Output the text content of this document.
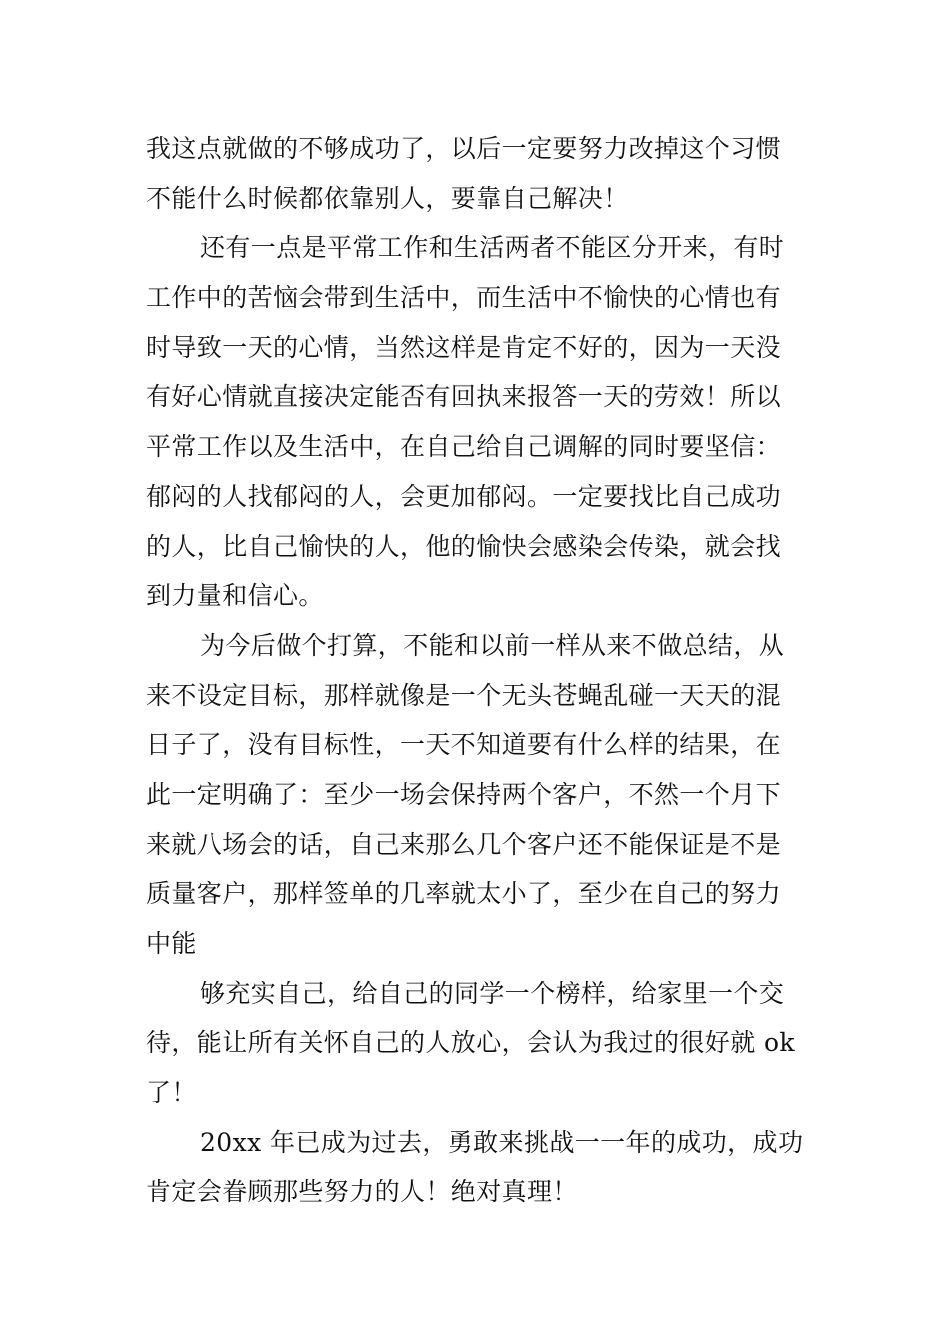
我这点就做的不够成功了，以后一定要努力改掉这个习惯
不能什么时候都依靠别人，要靠自己解决！
还有一点是平常工作和生活两者不能区分开来，有时
工作中的苦恼会带到生活中，而生活中不愉快的心情也有
时导致一天的心情，当然这样是肯定不好的，因为一天没
有好心情就直接决定能否有回执来报答一天的劳效！所以
平常工作以及生活中，在自己给自己调解的同时要坚信：
郁闷的人找郁闷的人，会更加郁闷。一定要找比自己成功
的人，比自己愉快的人，他的愉快会感染会传染，就会找
到力量和信心。
为今后做个打算，不能和以前一样从来不做总结，从
来不设定目标，那样就像是一个无头苍蝇乱碰一天天的混
日子了，没有目标性，一天不知道要有什么样的结果，在
此一定明确了：至少一场会保持两个客户，不然一个月下
来就八场会的话，自己来那么几个客户还不能保证是不是
质量客户，那样签单的几率就太小了，至少在自己的努力
中能
够充实自己，给自己的同学一个榜样，给家里一个交
待，能让所有关怀自己的人放心，会认为我过的很好就 ok
了！
20xx 年已成为过去，勇敢来挑战一一年的成功，成功
肯定会眷顾那些努力的人！绝对真理！
